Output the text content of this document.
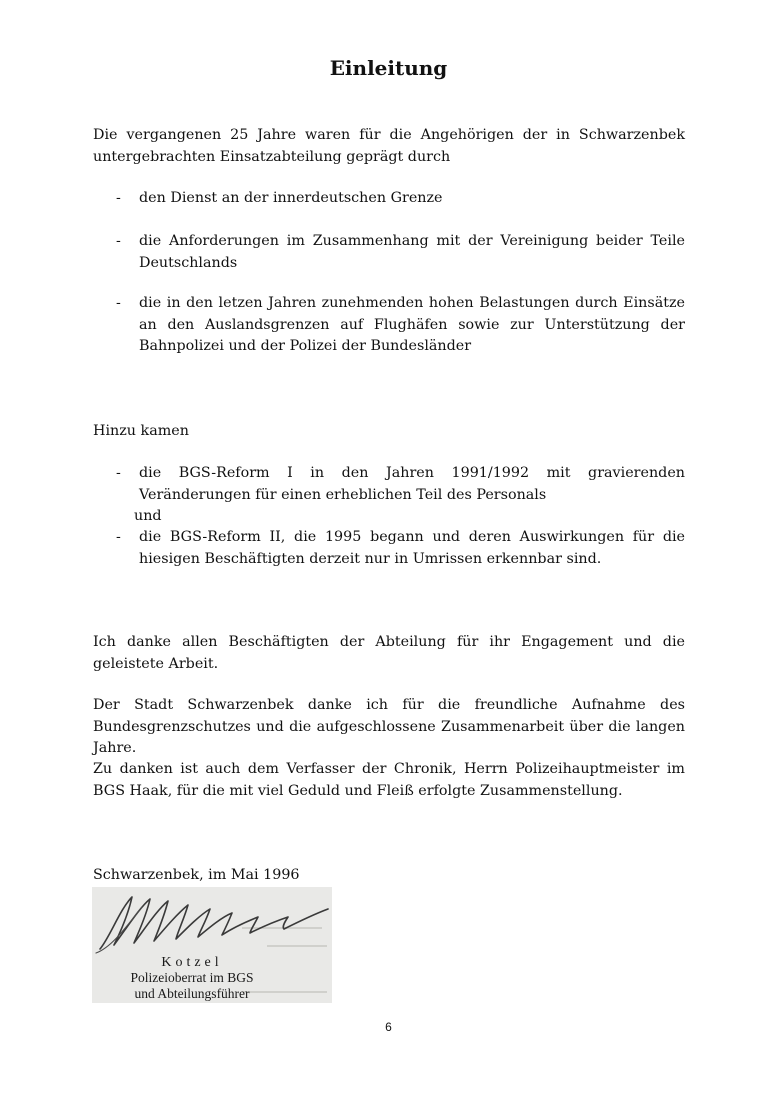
Einleitung
Die vergangenen 25 Jahre waren für die Angehörigen der in Schwarzenbek untergebrachten Einsatzabteilung geprägt durch
- den Dienst an der innerdeutschen Grenze
- die Anforderungen im Zusammenhang mit der Vereinigung beider Teile Deutschlands
- die in den letzen Jahren zunehmenden hohen Belastungen durch Einsätze an den Auslandsgrenzen auf Flughäfen sowie zur Unterstützung der Bahnpolizei und der Polizei der Bundesländer
Hinzu kamen
- die BGS-Reform I in den Jahren 1991/1992 mit gravierenden Veränderungen für einen erheblichen Teil des Personals
und
- die BGS-Reform II, die 1995 begann und deren Auswirkungen für die hiesigen Beschäftigten derzeit nur in Umrissen erkennbar sind.
Ich danke allen Beschäftigten der Abteilung für ihr Engagement und die geleistete Arbeit.
Der Stadt Schwarzenbek danke ich für die freundliche Aufnahme des Bundesgrenzschutzes und die aufgeschlossene Zusammenarbeit über die langen Jahre.
Zu danken ist auch dem Verfasser der Chronik, Herrn Polizeihauptmeister im BGS Haak, für die mit viel Geduld und Fleiß erfolgte Zusammenstellung.
Schwarzenbek, im Mai 1996
Kotzel
Polizeioberrat im BGS
und Abteilungsführer
6
